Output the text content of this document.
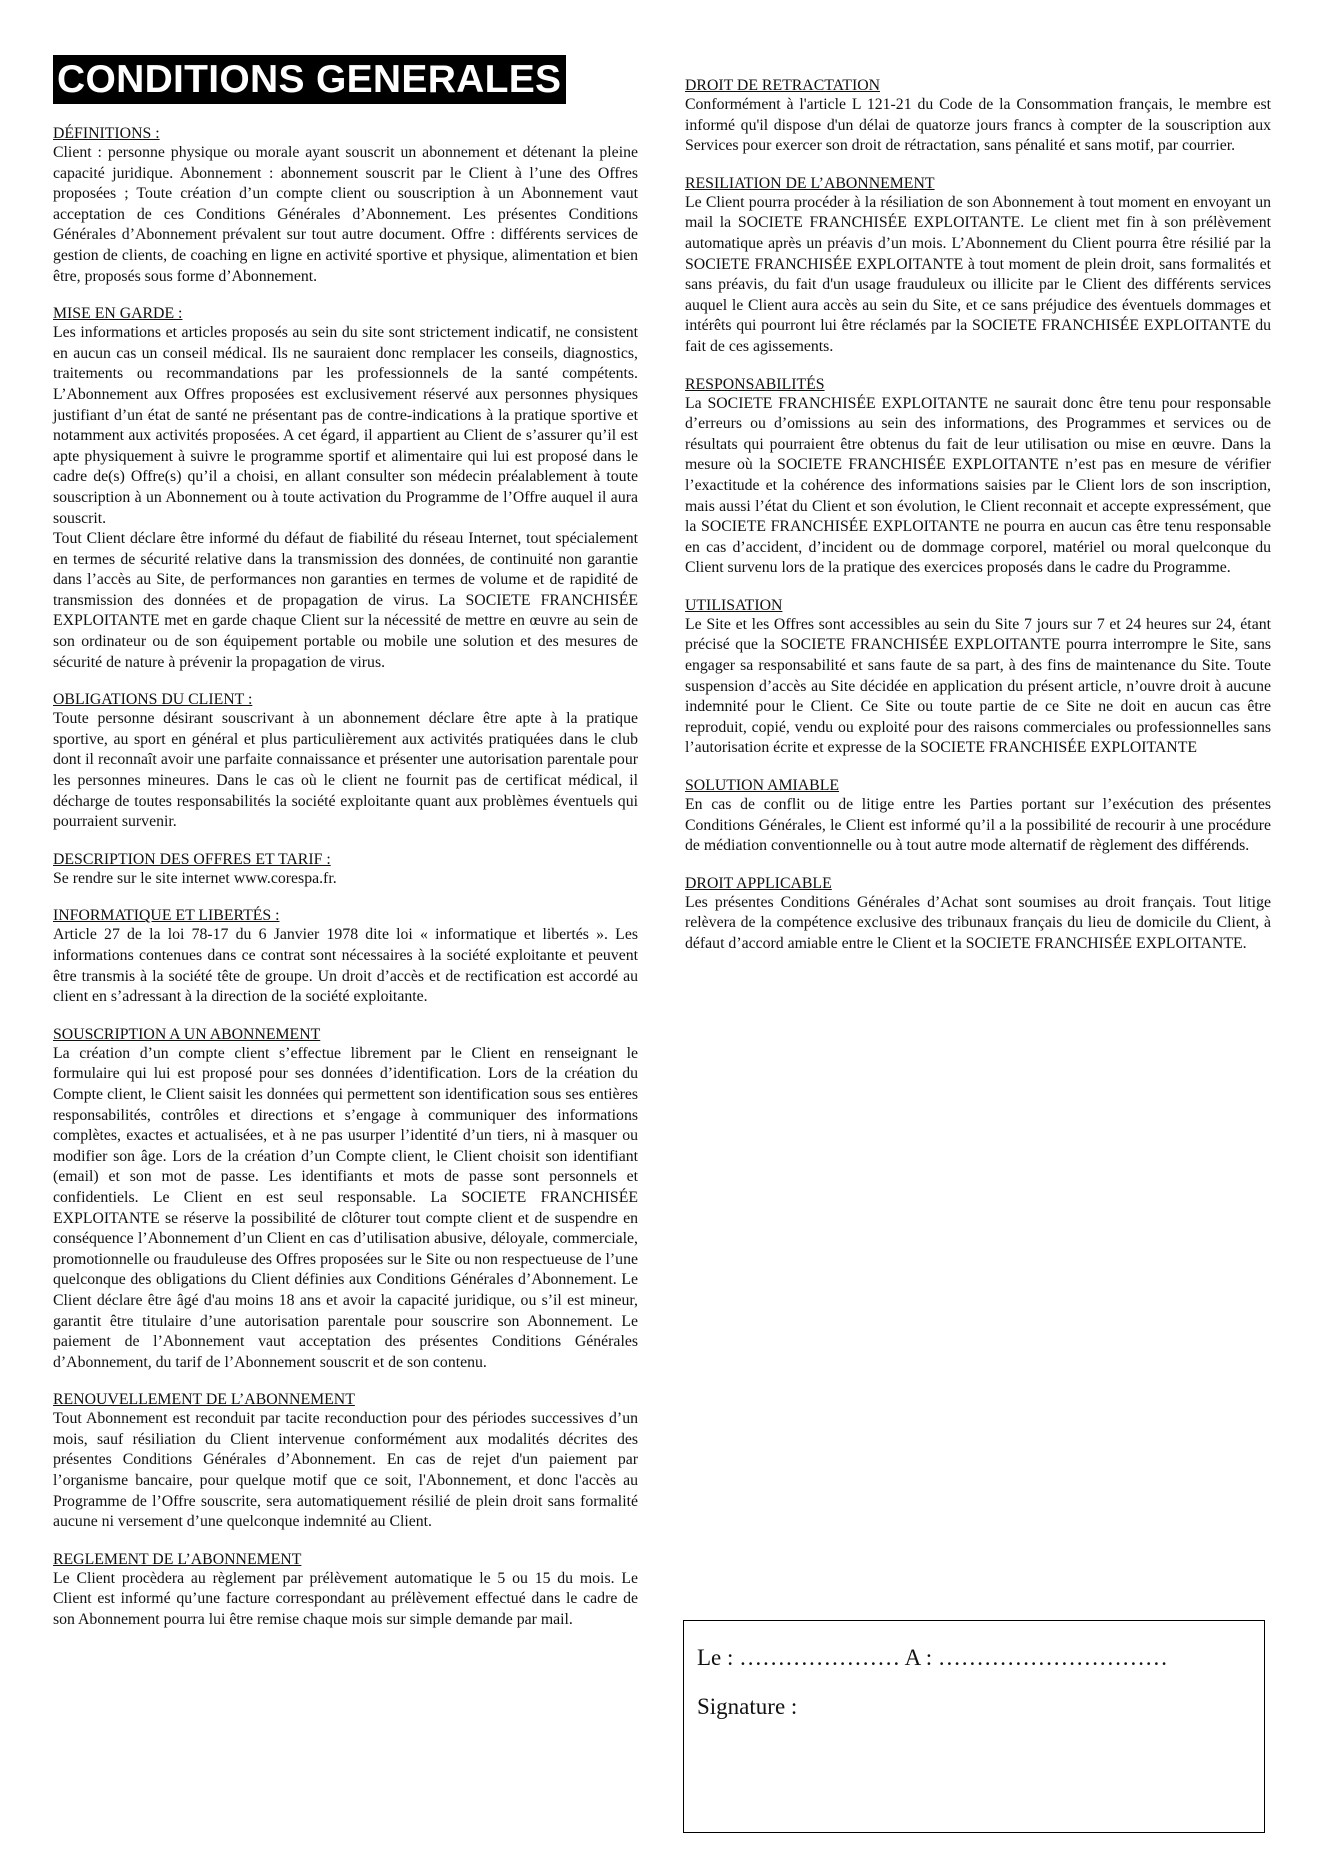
CONDITIONS GENERALES
DÉFINITIONS :

Client : personne physique ou morale ayant souscrit un abonnement et détenant la pleine capacité juridique. Abonnement : abonnement souscrit par le Client à l’une des Offres proposées ; Toute création d’un compte client ou souscription à un Abonnement vaut acceptation de ces Conditions Générales d’Abonnement. Les présentes Conditions Générales d’Abonnement prévalent sur tout autre document. Offre : différents services de gestion de clients, de coaching en ligne en activité sportive et physique, alimentation et bien être, proposés sous forme d’Abonnement.

MISE EN GARDE :

Les informations et articles proposés au sein du site sont strictement indicatif, ne consistent en aucun cas un conseil médical. Ils ne sauraient donc remplacer les conseils, diagnostics, traitements ou recommandations par les professionnels de la santé compétents. L’Abonnement aux Offres proposées est exclusivement réservé aux personnes physiques justifiant d’un état de santé ne présentant pas de contre-indications à la pratique sportive et notamment aux activités proposées. A cet égard, il appartient au Client de s’assurer qu’il est apte physiquement à suivre le programme sportif et alimentaire qui lui est proposé dans le cadre de(s) Offre(s) qu’il a choisi, en allant consulter son médecin préalablement à toute souscription à un Abonnement ou à toute activation du Programme de l’Offre auquel il aura souscrit.

Tout Client déclare être informé du défaut de fiabilité du réseau Internet, tout spécialement en termes de sécurité relative dans la transmission des données, de continuité non garantie dans l’accès au Site, de performances non garanties en termes de volume et de rapidité de transmission des données et de propagation de virus. La SOCIETE FRANCHISÉE EXPLOITANTE met en garde chaque Client sur la nécessité de mettre en œuvre au sein de son ordinateur ou de son équipement portable ou mobile une solution et des mesures de sécurité de nature à prévenir la propagation de virus.

OBLIGATIONS DU CLIENT :

Toute personne désirant souscrivant à un abonnement déclare être apte à la pratique sportive, au sport en général et plus particulièrement aux activités pratiquées dans le club dont il reconnaît avoir une parfaite connaissance et présenter une autorisation parentale pour les personnes mineures. Dans le cas où le client ne fournit pas de certificat médical, il décharge de toutes responsabilités la société exploitante quant aux problèmes éventuels qui pourraient survenir.

DESCRIPTION DES OFFRES ET TARIF :

Se rendre sur le site internet www.corespa.fr.

INFORMATIQUE ET LIBERTÉS :

Article 27 de la loi 78-17 du 6 Janvier 1978 dite loi « informatique et libertés ». Les informations contenues dans ce contrat sont nécessaires à la société exploitante et peuvent être transmis à la société tête de groupe. Un droit d’accès et de rectification est accordé au client en s’adressant à la direction de la société exploitante.

SOUSCRIPTION A UN ABONNEMENT

La création d’un compte client s’effectue librement par le Client en renseignant le formulaire qui lui est proposé pour ses données d’identification. Lors de la création du Compte client, le Client saisit les données qui permettent son identification sous ses entières responsabilités, contrôles et directions et s’engage à communiquer des informations complètes, exactes et actualisées, et à ne pas usurper l’identité d’un tiers, ni à masquer ou modifier son âge. Lors de la création d’un Compte client, le Client choisit son identifiant (email) et son mot de passe. Les identifiants et mots de passe sont personnels et confidentiels. Le Client en est seul responsable. La SOCIETE FRANCHISÉE EXPLOITANTE se réserve la possibilité de clôturer tout compte client et de suspendre en conséquence l’Abonnement d’un Client en cas d’utilisation abusive, déloyale, commerciale, promotionnelle ou frauduleuse des Offres proposées sur le Site ou non respectueuse de l’une quelconque des obligations du Client définies aux Conditions Générales d’Abonnement. Le Client déclare être âgé d'au moins 18 ans et avoir la capacité juridique, ou s’il est mineur, garantit être titulaire d’une autorisation parentale pour souscrire son Abonnement. Le paiement de l’Abonnement vaut acceptation des présentes Conditions Générales d’Abonnement, du tarif de l’Abonnement souscrit et de son contenu.

RENOUVELLEMENT DE L’ABONNEMENT

Tout Abonnement est reconduit par tacite reconduction pour des périodes successives d’un mois, sauf résiliation du Client intervenue conformément aux modalités décrites des présentes Conditions Générales d’Abonnement. En cas de rejet d'un paiement par l’organisme bancaire, pour quelque motif que ce soit, l'Abonnement, et donc l'accès au Programme de l’Offre souscrite, sera automatiquement résilié de plein droit sans formalité aucune ni versement d’une quelconque indemnité au Client.

REGLEMENT DE L’ABONNEMENT

Le Client procèdera au règlement par prélèvement automatique le 5 ou 15 du mois. Le Client est informé qu’une facture correspondant au prélèvement effectué dans le cadre de son Abonnement pourra lui être remise chaque mois sur simple demande par mail.

DROIT DE RETRACTATION

Conformément à l'article L 121-21 du Code de la Consommation français, le membre est informé qu'il dispose d'un délai de quatorze jours francs à compter de la souscription aux Services pour exercer son droit de rétractation, sans pénalité et sans motif, par courrier.

RESILIATION DE L’ABONNEMENT

Le Client pourra procéder à la résiliation de son Abonnement à tout moment en envoyant un mail la SOCIETE FRANCHISÉE EXPLOITANTE. Le client met fin à son prélèvement automatique après un préavis d’un mois. L’Abonnement du Client pourra être résilié par la SOCIETE FRANCHISÉE EXPLOITANTE à tout moment de plein droit, sans formalités et sans préavis, du fait d'un usage frauduleux ou illicite par le Client des différents services auquel le Client aura accès au sein du Site, et ce sans préjudice des éventuels dommages et intérêts qui pourront lui être réclamés par la SOCIETE FRANCHISÉE EXPLOITANTE du fait de ces agissements.

RESPONSABILITÉS

La SOCIETE FRANCHISÉE EXPLOITANTE ne saurait donc être tenu pour responsable d’erreurs ou d’omissions au sein des informations, des Programmes et services ou de résultats qui pourraient être obtenus du fait de leur utilisation ou mise en œuvre. Dans la mesure où la SOCIETE FRANCHISÉE EXPLOITANTE n’est pas en mesure de vérifier l’exactitude et la cohérence des informations saisies par le Client lors de son inscription, mais aussi l’état du Client et son évolution, le Client reconnait et accepte expressément, que la SOCIETE FRANCHISÉE EXPLOITANTE ne pourra en aucun cas être tenu responsable en cas d’accident, d’incident ou de dommage corporel, matériel ou moral quelconque du Client survenu lors de la pratique des exercices proposés dans le cadre du Programme.

UTILISATION

Le Site et les Offres sont accessibles au sein du Site 7 jours sur 7 et 24 heures sur 24, étant précisé que la SOCIETE FRANCHISÉE EXPLOITANTE pourra interrompre le Site, sans engager sa responsabilité et sans faute de sa part, à des fins de maintenance du Site. Toute suspension d’accès au Site décidée en application du présent article, n’ouvre droit à aucune indemnité pour le Client. Ce Site ou toute partie de ce Site ne doit en aucun cas être reproduit, copié, vendu ou exploité pour des raisons commerciales ou professionnelles sans l’autorisation écrite et expresse de la SOCIETE FRANCHISÉE EXPLOITANTE

SOLUTION AMIABLE

En cas de conflit ou de litige entre les Parties portant sur l’exécution des présentes Conditions Générales, le Client est informé qu’il a la possibilité de recourir à une procédure de médiation conventionnelle ou à tout autre mode alternatif de règlement des différends.

DROIT APPLICABLE

Les présentes Conditions Générales d’Achat sont soumises au droit français. Tout litige relèvera de la compétence exclusive des tribunaux français du lieu de domicile du Client, à défaut d’accord amiable entre le Client et la SOCIETE FRANCHISÉE EXPLOITANTE.

Le : ………………… A : …………………………
Signature :
